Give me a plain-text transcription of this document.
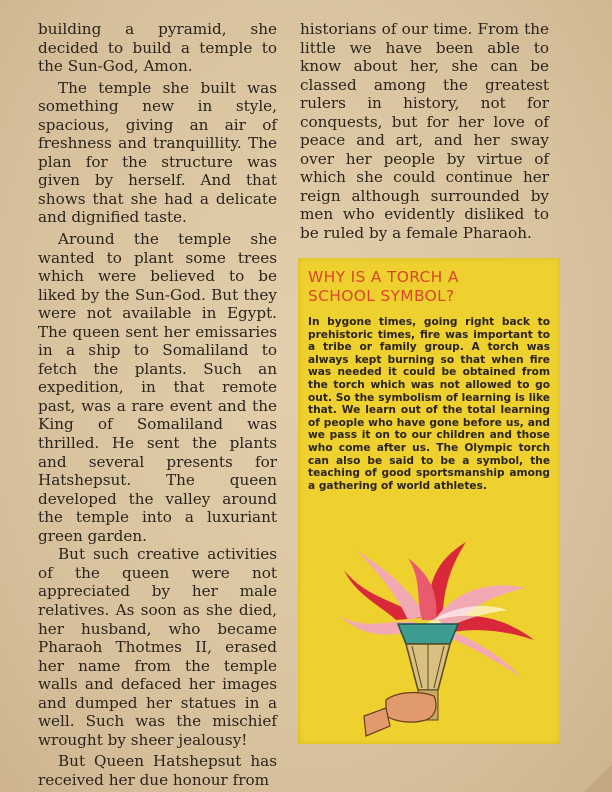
building a pyramid, she decided to build a temple to the Sun-God, Amon.

The temple she built was something new in style, spacious, giving an air of freshness and tranquillity. The plan for the structure was given by herself. And that shows that she had a delicate and dignified taste.

Around the temple she wanted to plant some trees which were believed to be liked by the Sun-God. But they were not available in Egypt. The queen sent her emissaries in a ship to Somaliland to fetch the plants. Such an expedition, in that remote past, was a rare event and the King of Somaliland was thrilled. He sent the plants and several presents for Hatshepsut. The queen developed the valley around the temple into a luxuriant green garden.

But such creative activities of the queen were not appreciated by her male relatives. As soon as she died, her husband, who became Pharaoh Thotmes II, erased her name from the temple walls and defaced her images and dumped her statues in a well. Such was the mischief wrought by sheer jealousy!

But Queen Hatshepsut has received her due honour from

historians of our time. From the little we have been able to know about her, she can be classed among the greatest rulers in history, not for conquests, but for her love of peace and art, and her sway over her people by virtue of which she could continue her reign although surrounded by men who evidently disliked to be ruled by a female Pharaoh.

WHY IS A TORCH A
SCHOOL SYMBOL?
In bygone times, going right back to prehistoric times, fire was important to a tribe or family group. A torch was always kept burning so that when fire was needed it could be obtained from the torch which was not allowed to go out. So the symbolism of learning is like that. We learn out of the total learning of people who have gone before us, and we pass it on to our children and those who come after us. The Olympic torch can also be said to be a symbol, the teaching of good sportsmanship among a gathering of world athletes.
